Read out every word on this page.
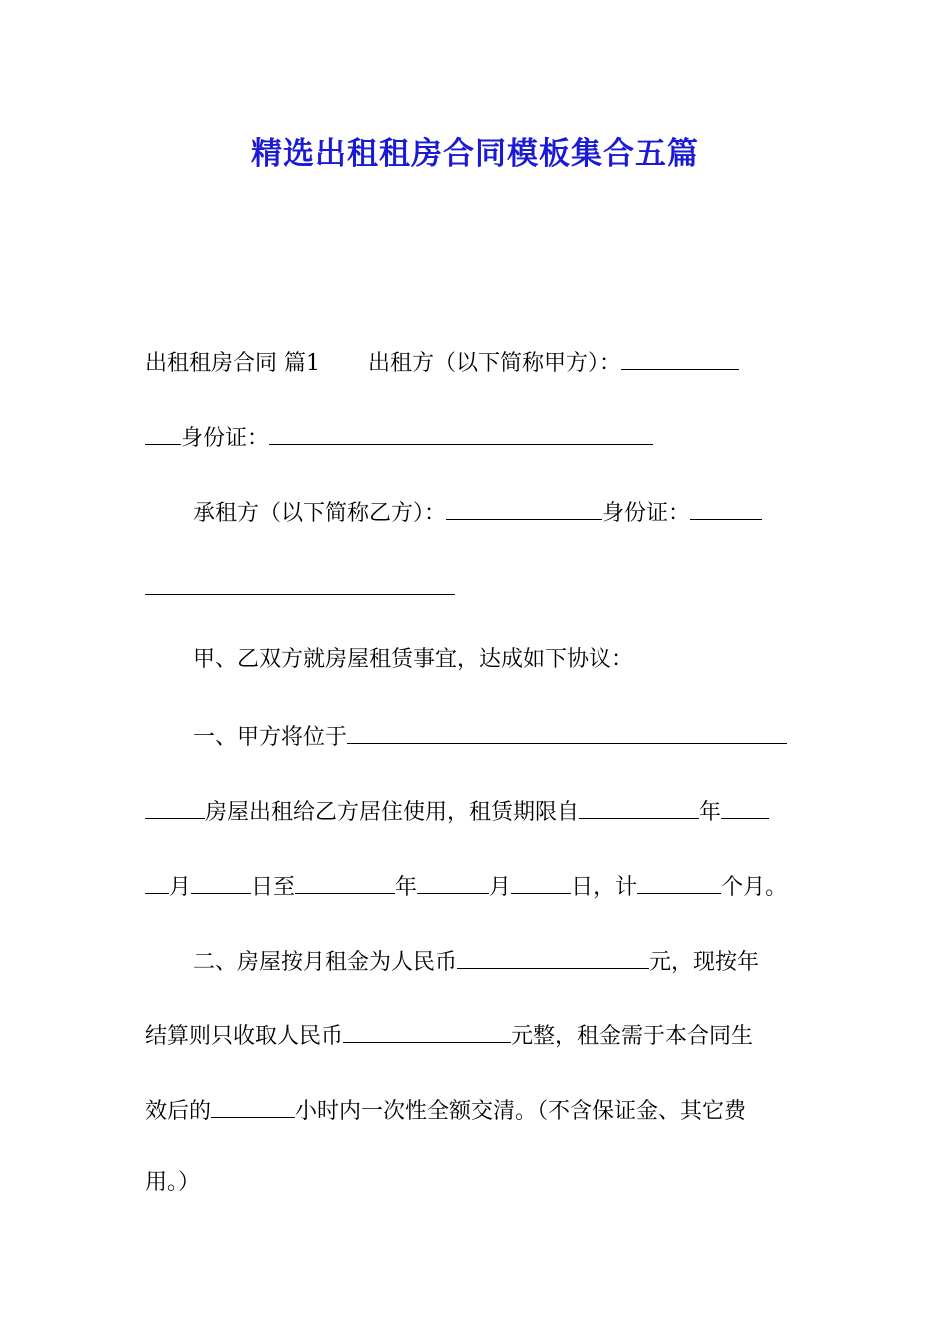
精选出租租房合同模板集合五篇

出租租房合同 篇1 出租方（以下简称甲方）：

身份证：

承租方（以下简称乙方）：	身份证：

甲、乙双方就房屋租赁事宜，达成如下协议：

一、甲方将位于

房屋出租给乙方居住使用，租赁期限自	年

月	日至	年	月	日，计	个月。

二、房屋按月租金为人民币	元，现按年

结算则只收取人民币	元整，租金需于本合同生

效后的	小时内一次性全额交清。（不含保证金、其它费

用。）
